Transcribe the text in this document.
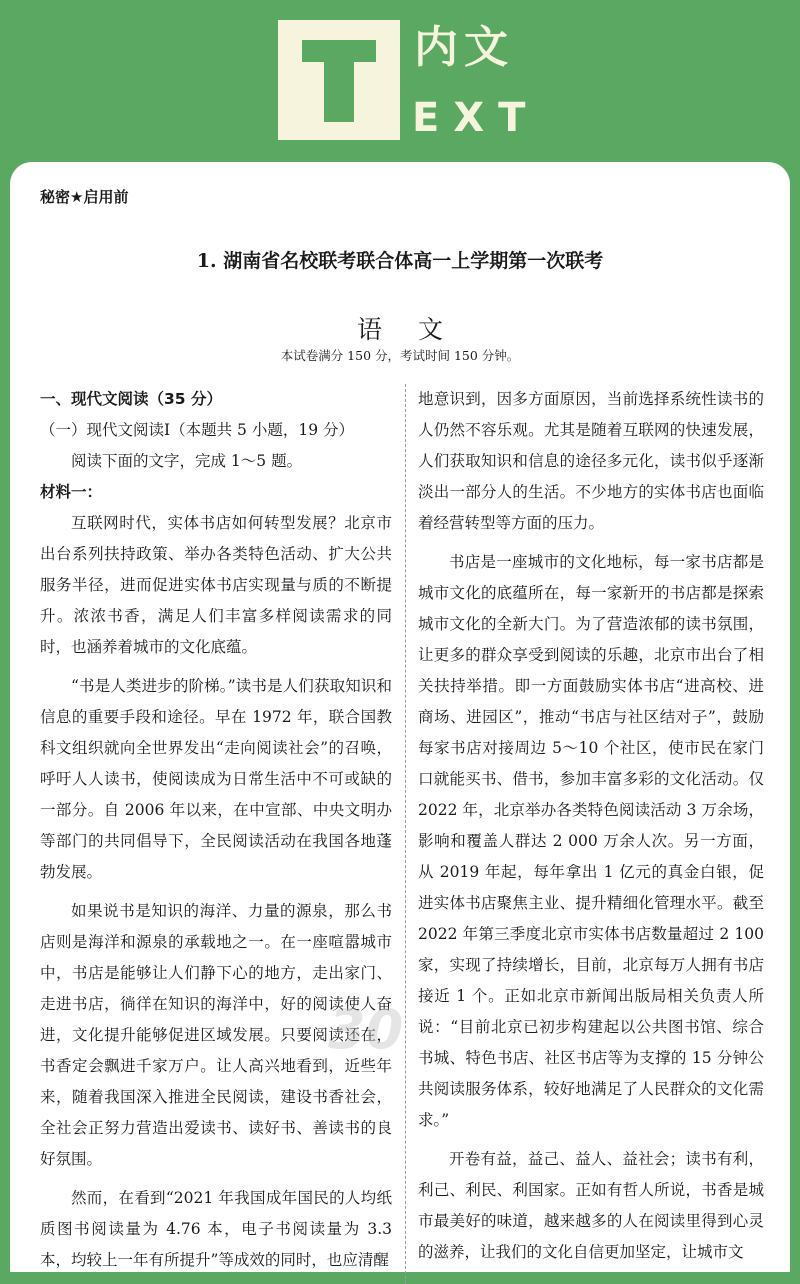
内文
EXT
秘密★启用前
1. 湖南省名校联考联合体高一上学期第一次联考
语文
本试卷满分 150 分，考试时间 150 分钟。

一、现代文阅读（35 分）

（一）现代文阅读Ⅰ（本题共 5 小题，19 分）

阅读下面的文字，完成 1～5 题。

材料一：

互联网时代，实体书店如何转型发展？北京市出台系列扶持政策、举办各类特色活动、扩大公共服务半径，进而促进实体书店实现量与质的不断提升。浓浓书香，满足人们丰富多样阅读需求的同时，也涵养着城市的文化底蕴。

“书是人类进步的阶梯。”读书是人们获取知识和信息的重要手段和途径。早在 1972 年，联合国教科文组织就向全世界发出“走向阅读社会”的召唤，呼吁人人读书，使阅读成为日常生活中不可或缺的一部分。自 2006 年以来，在中宣部、中央文明办等部门的共同倡导下，全民阅读活动在我国各地蓬勃发展。

如果说书是知识的海洋、力量的源泉，那么书店则是海洋和源泉的承载地之一。在一座喧嚣城市中，书店是能够让人们静下心的地方，走出家门、走进书店，徜徉在知识的海洋中，好的阅读使人奋进，文化提升能够促进区域发展。只要阅读还在，书香定会飘进千家万户。让人高兴地看到，近些年来，随着我国深入推进全民阅读，建设书香社会，全社会正努力营造出爱读书、读好书、善读书的良好氛围。

然而，在看到“2021 年我国成年国民的人均纸质图书阅读量为 4.76 本，电子书阅读量为 3.3 本，均较上一年有所提升”等成效的同时，也应清醒

地意识到，因多方面原因，当前选择系统性读书的人仍然不容乐观。尤其是随着互联网的快速发展，人们获取知识和信息的途径多元化，读书似乎逐渐淡出一部分人的生活。不少地方的实体书店也面临着经营转型等方面的压力。

书店是一座城市的文化地标，每一家书店都是城市文化的底蕴所在，每一家新开的书店都是探索城市文化的全新大门。为了营造浓郁的读书氛围，让更多的群众享受到阅读的乐趣，北京市出台了相关扶持举措。即一方面鼓励实体书店“进高校、进商场、进园区”，推动“书店与社区结对子”，鼓励每家书店对接周边 5～10 个社区，使市民在家门口就能买书、借书，参加丰富多彩的文化活动。仅 2022 年，北京举办各类特色阅读活动 3 万余场，影响和覆盖人群达 2 000 万余人次。另一方面，从 2019 年起，每年拿出 1 亿元的真金白银，促进实体书店聚焦主业、提升精细化管理水平。截至 2022 年第三季度北京市实体书店数量超过 2 100 家，实现了持续增长，目前，北京每万人拥有书店接近 1 个。正如北京市新闻出版局相关负责人所说：“目前北京已初步构建起以公共图书馆、综合书城、特色书店、社区书店等为支撑的 15 分钟公共阅读服务体系，较好地满足了人民群众的文化需求。”

开卷有益，益己、益人、益社会；读书有利，利己、利民、利国家。正如有哲人所说，书香是城市最美好的味道，越来越多的人在阅读里得到心灵的滋养，让我们的文化自信更加坚定，让城市文

30
